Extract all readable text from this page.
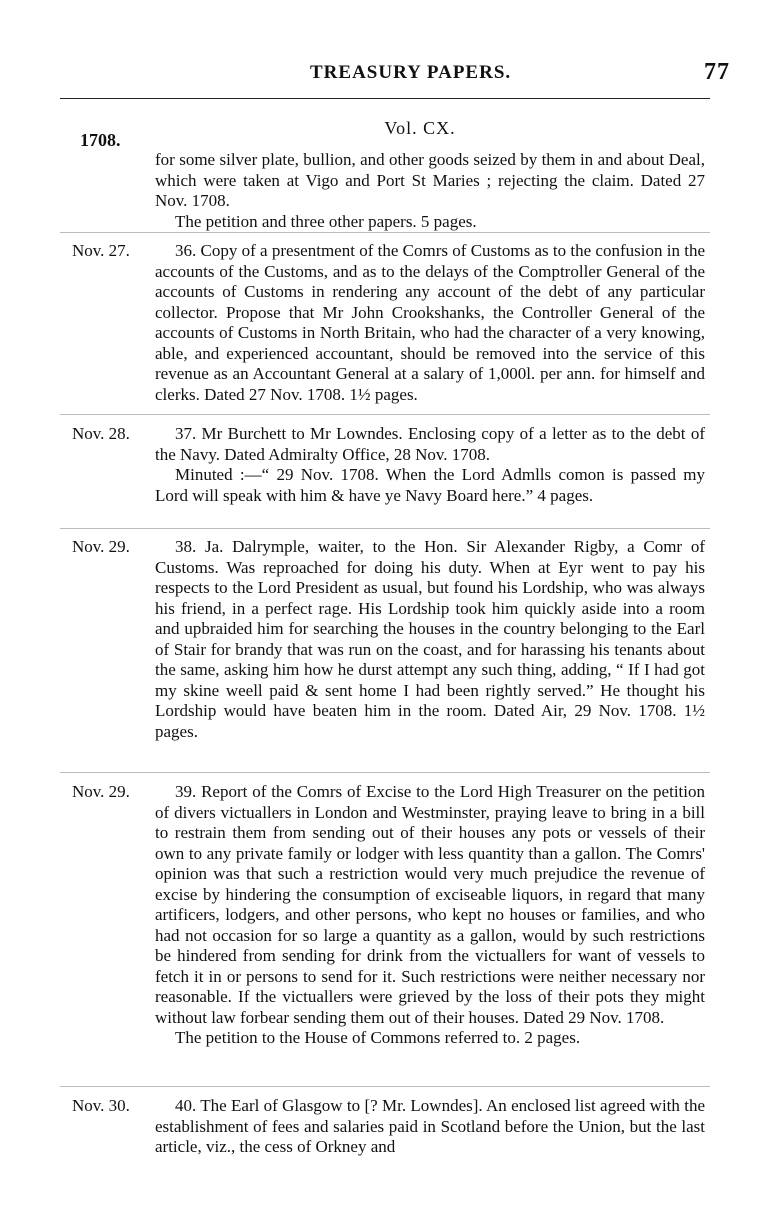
TREASURY PAPERS.	77
Vol. CX.
1708.

for some silver plate, bullion, and other goods seized by them in and about Deal, which were taken at Vigo and Port St Maries ; rejecting the claim. Dated 27 Nov. 1708.

The petition and three other papers. 5 pages.

Nov. 27.	36. Copy of a presentment of the Comrs of Customs as to the confusion in the accounts of the Customs, and as to the delays of the Comptroller General of the accounts of Customs in rendering any account of the debt of any particular collector. Propose that Mr John Crookshanks, the Controller General of the accounts of Customs in North Britain, who had the character of a very knowing, able, and experienced accountant, should be removed into the service of this revenue as an Accountant General at a salary of 1,000l. per ann. for himself and clerks. Dated 27 Nov. 1708. 1½ pages.

Nov. 28.	37. Mr Burchett to Mr Lowndes. Enclosing copy of a letter as to the debt of the Navy. Dated Admiralty Office, 28 Nov. 1708.

Minuted :—“ 29 Nov. 1708. When the Lord Admlls comon is passed my Lord will speak with him & have ye Navy Board here.” 4 pages.

Nov. 29.	38. Ja. Dalrymple, waiter, to the Hon. Sir Alexander Rigby, a Comr of Customs. Was reproached for doing his duty. When at Eyr went to pay his respects to the Lord President as usual, but found his Lordship, who was always his friend, in a perfect rage. His Lordship took him quickly aside into a room and upbraided him for searching the houses in the country belonging to the Earl of Stair for brandy that was run on the coast, and for harassing his tenants about the same, asking him how he durst attempt any such thing, adding, “ If I had got my skine weell paid & sent home I had been rightly served.” He thought his Lordship would have beaten him in the room. Dated Air, 29 Nov. 1708. 1½ pages.

Nov. 29.	39. Report of the Comrs of Excise to the Lord High Treasurer on the petition of divers victuallers in London and Westminster, praying leave to bring in a bill to restrain them from sending out of their houses any pots or vessels of their own to any private family or lodger with less quantity than a gallon. The Comrs' opinion was that such a restriction would very much prejudice the revenue of excise by hindering the consumption of exciseable liquors, in regard that many artificers, lodgers, and other persons, who kept no houses or families, and who had not occasion for so large a quantity as a gallon, would by such restrictions be hindered from sending for drink from the victuallers for want of vessels to fetch it in or persons to send for it. Such restrictions were neither necessary nor reasonable. If the victuallers were grieved by the loss of their pots they might without law forbear sending them out of their houses. Dated 29 Nov. 1708.

The petition to the House of Commons referred to. 2 pages.

Nov. 30.	40. The Earl of Glasgow to [? Mr. Lowndes]. An enclosed list agreed with the establishment of fees and salaries paid in Scotland before the Union, but the last article, viz., the cess of Orkney and
